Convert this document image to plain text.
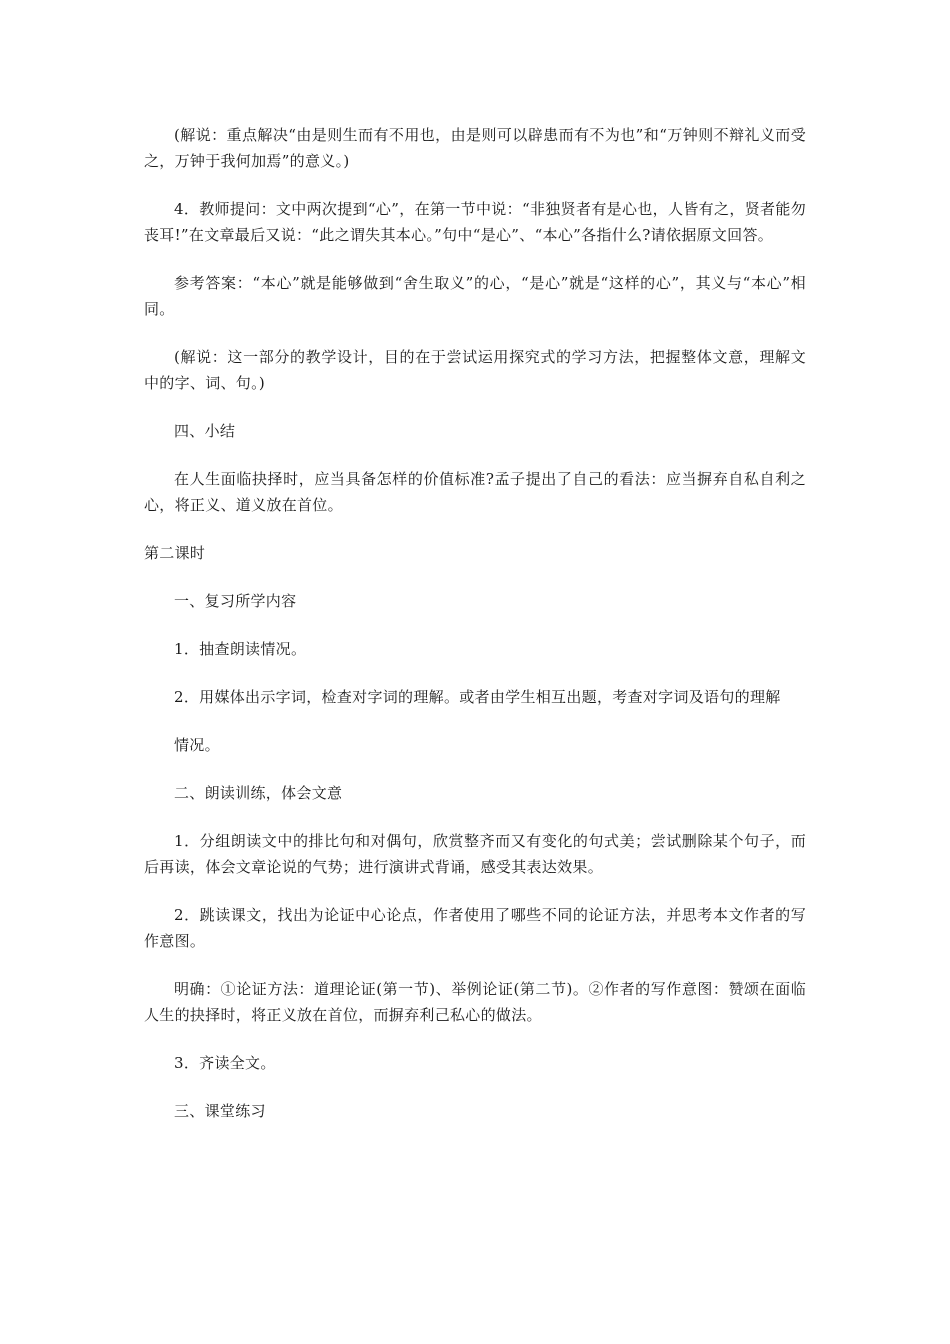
(解说：重点解决“由是则生而有不用也，由是则可以辟患而有不为也”和“万钟则不辩礼义而受之，万钟于我何加焉”的意义。)

4．教师提问：文中两次提到“心”，在第一节中说：“非独贤者有是心也，人皆有之，贤者能勿丧耳!”在文章最后又说：“此之谓失其本心。”句中“是心”、“本心”各指什么?请依据原文回答。

参考答案：“本心”就是能够做到“舍生取义”的心，“是心”就是“这样的心”，其义与“本心”相同。

(解说：这一部分的教学设计，目的在于尝试运用探究式的学习方法，把握整体文意，理解文中的字、词、句。)

四、小结

在人生面临抉择时，应当具备怎样的价值标准?孟子提出了自己的看法：应当摒弃自私自利之心，将正义、道义放在首位。

第二课时

一、复习所学内容

1．抽查朗读情况。

2．用媒体出示字词，检查对字词的理解。或者由学生相互出题，考查对字词及语句的理解

情况。

二、朗读训练，体会文意

1．分组朗读文中的排比句和对偶句，欣赏整齐而又有变化的句式美；尝试删除某个句子，而后再读，体会文章论说的气势；进行演讲式背诵，感受其表达效果。

2．跳读课文，找出为论证中心论点，作者使用了哪些不同的论证方法，并思考本文作者的写作意图。

明确：①论证方法：道理论证(第一节)、举例论证(第二节)。②作者的写作意图：赞颂在面临人生的抉择时，将正义放在首位，而摒弃利己私心的做法。

3．齐读全文。

三、课堂练习
